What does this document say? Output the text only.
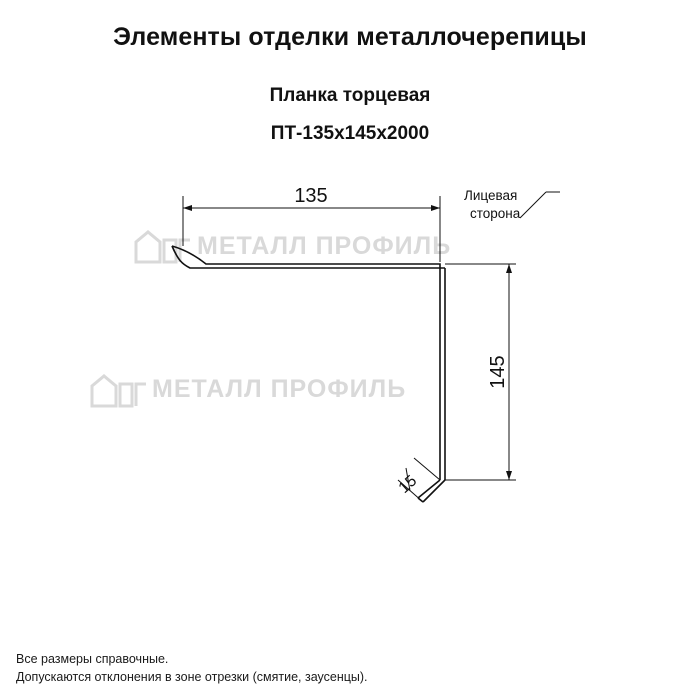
Элементы отделки металлочерепицы

Планка торцевая

ПТ-135х145х2000

МЕТАЛЛ ПРОФИЛЬ
МЕТАЛЛ ПРОФИЛЬ
135
145
15
Лицевая
сторона
Все размеры справочные.
Допускаются отклонения в зоне отрезки (смятие, заусенцы).
